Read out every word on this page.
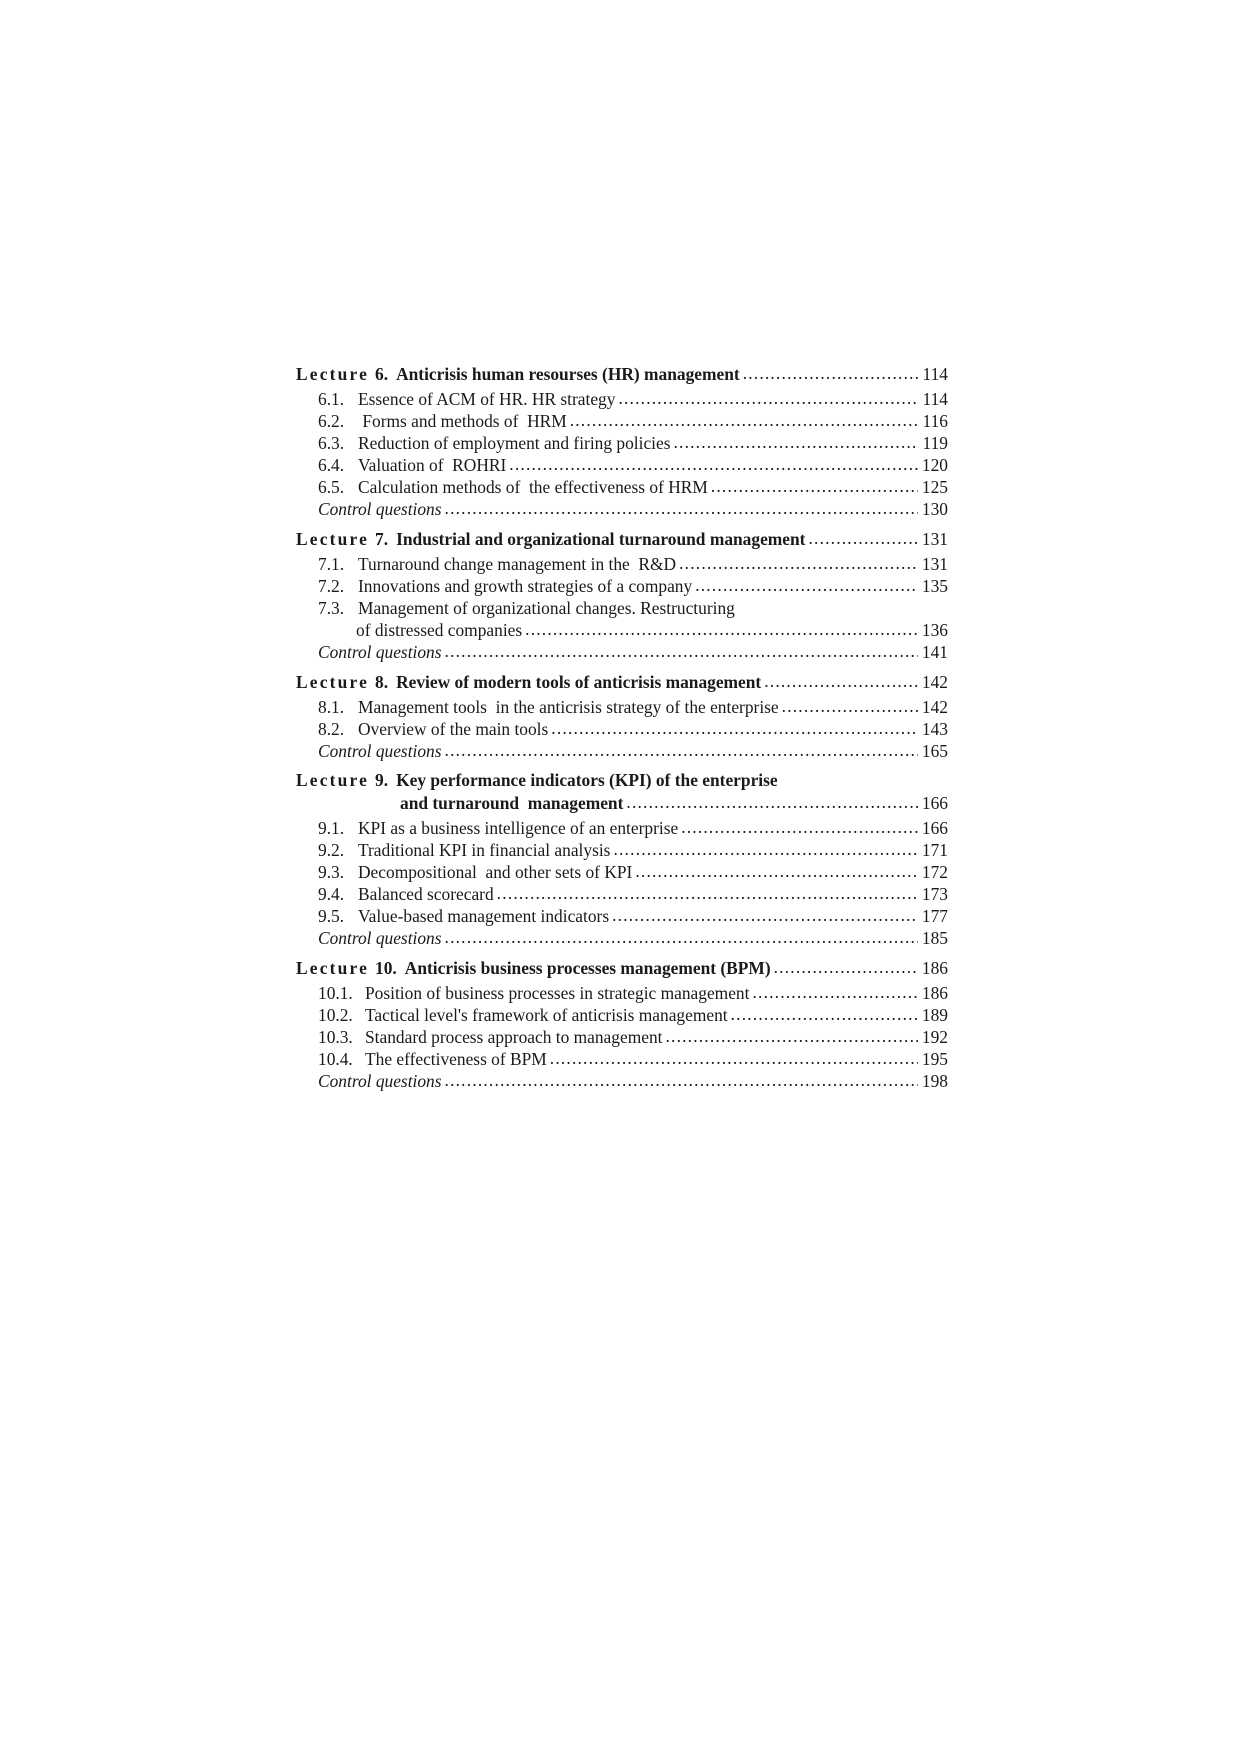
Lecture 6. Anticrisis human resourses (HR) management .....	114
6.1. Essence of ACM of HR. HR strategy .....	114
6.2. Forms and methods of  HRM .....	116
6.3. Reduction of employment and firing policies .....	119
6.4. Valuation of  ROHRI .....	120
6.5. Calculation methods of  the effectiveness of HRM .....	125
Control questions .....	130
Lecture 7. Industrial and organizational turnaround management .....	131
7.1. Turnaround change management in the  R&D .....	131
7.2. Innovations and growth strategies of a company .....	135
7.3. Management of organizational changes. Restructuring
of distressed companies .....	136
Control questions .....	141
Lecture 8. Review of modern tools of anticrisis management .....	142
8.1. Management tools  in the anticrisis strategy of the enterprise .....	142
8.2. Overview of the main tools .....	143
Control questions .....	165
Lecture 9. Key performance indicators (KPI) of the enterprise
and turnaround  management .....	166
9.1. KPI as a business intelligence of an enterprise .....	166
9.2. Traditional KPI in financial analysis .....	171
9.3. Decompositional  and other sets of KPI .....	172
9.4. Balanced scorecard .....	173
9.5. Value-based management indicators .....	177
Control questions .....	185
Lecture 10. Anticrisis business processes management (BPM) .....	186
10.1. Position of business processes in strategic management .....	186
10.2. Tactical level's framework of anticrisis management .....	189
10.3. Standard process approach to management .....	192
10.4. The effectiveness of BPM .....	195
Control questions .....	198
